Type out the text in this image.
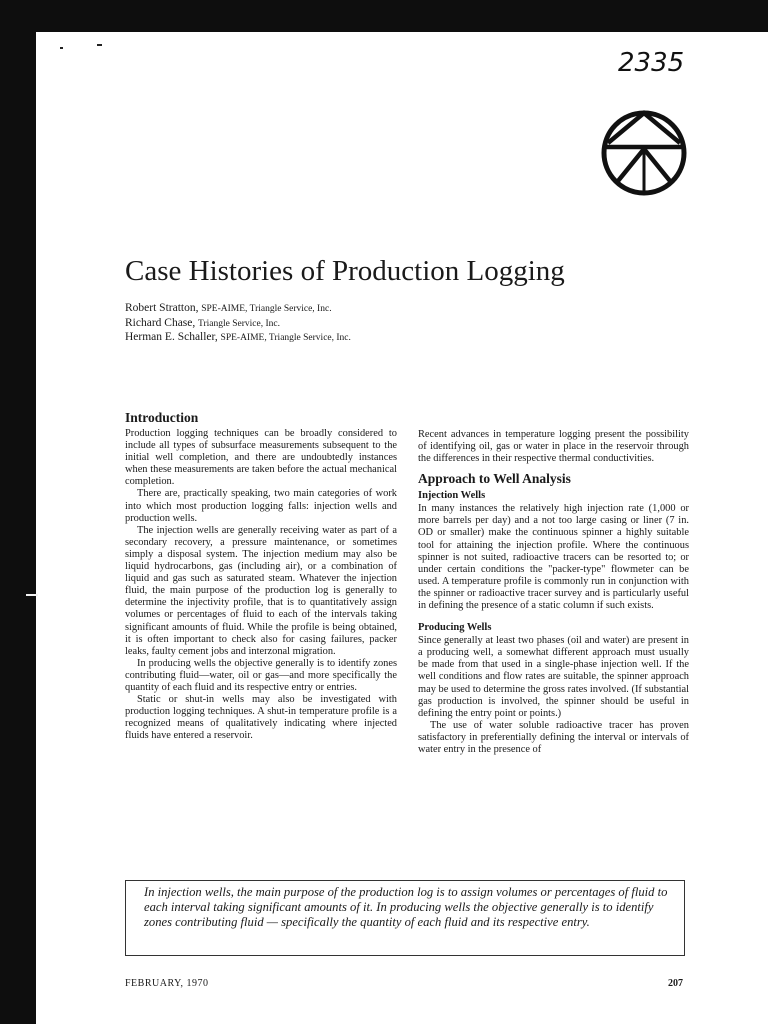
2335
Case Histories of Production Logging
Robert Stratton, SPE-AIME, Triangle Service, Inc.
Richard Chase, Triangle Service, Inc.
Herman E. Schaller, SPE-AIME, Triangle Service, Inc.
Introduction

Production logging techniques can be broadly considered to include all types of subsurface measurements subsequent to the initial well completion, and there are undoubtedly instances when these measurements are taken before the actual mechanical completion.

There are, practically speaking, two main categories of work into which most production logging falls: injection wells and production wells.

The injection wells are generally receiving water as part of a secondary recovery, a pressure maintenance, or sometimes simply a disposal system. The injection medium may also be liquid hydrocarbons, gas (including air), or a combination of liquid and gas such as saturated steam. Whatever the injection fluid, the main purpose of the production log is generally to determine the injectivity profile, that is to quantitatively assign volumes or percentages of fluid to each of the intervals taking significant amounts of fluid. While the profile is being obtained, it is often important to check also for casing failures, packer leaks, faulty cement jobs and interzonal migration.

In producing wells the objective generally is to identify zones contributing fluid—water, oil or gas—and more specifically the quantity of each fluid and its respective entry or entries.

Static or shut-in wells may also be investigated with production logging techniques. A shut-in temperature profile is a recognized means of qualitatively indicating where injected fluids have entered a reservoir.

Recent advances in temperature logging present the possibility of identifying oil, gas or water in place in the reservoir through the differences in their respective thermal conductivities.

Approach to Well Analysis
Injection Wells

In many instances the relatively high injection rate (1,000 or more barrels per day) and a not too large casing or liner (7 in. OD or smaller) make the continuous spinner a highly suitable tool for attaining the injection profile. Where the continuous spinner is not suited, radioactive tracers can be resorted to; or under certain conditions the "packer-type" flowmeter can be used. A temperature profile is commonly run in conjunction with the spinner or radioactive tracer survey and is particularly useful in defining the presence of a static column if such exists.

Producing Wells

Since generally at least two phases (oil and water) are present in a producing well, a somewhat different approach must usually be made from that used in a single-phase injection well. If the well conditions and flow rates are suitable, the spinner approach may be used to determine the gross rates involved. (If substantial gas production is involved, the spinner should be useful in defining the entry point or points.)

The use of water soluble radioactive tracer has proven satisfactory in preferentially defining the interval or intervals of water entry in the presence of

In injection wells, the main purpose of the production log is to assign volumes or percentages of fluid to each interval taking significant amounts of it. In producing wells the objective generally is to identify zones contributing fluid — specifically the quantity of each fluid and its respective entry.

FEBRUARY, 1970	207
